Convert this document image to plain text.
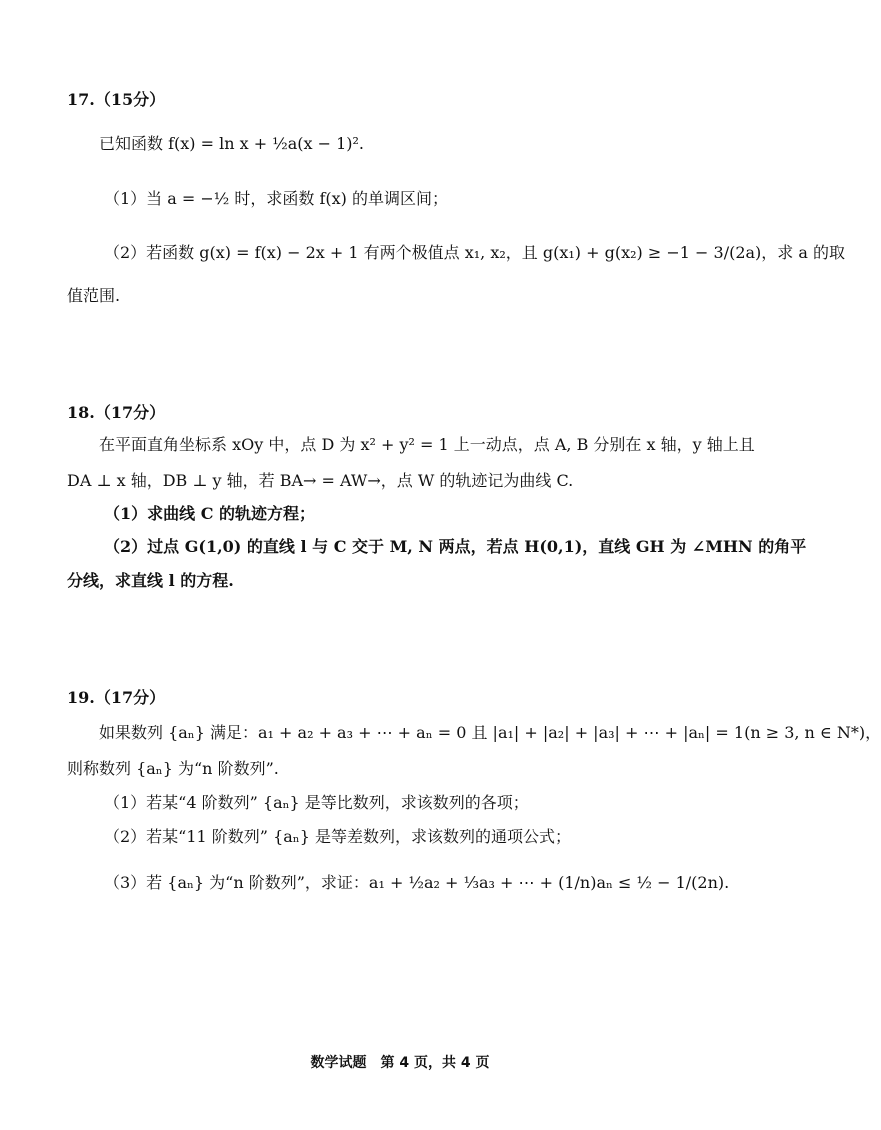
17.（15分）
已知函数 f(x) = ln x + ½a(x − 1)².
（1）当 a = −½ 时，求函数 f(x) 的单调区间；
（2）若函数 g(x) = f(x) − 2x + 1 有两个极值点 x₁, x₂，且 g(x₁) + g(x₂) ≥ −1 − 3/(2a)，求 a 的取
值范围.
18.（17分）
在平面直角坐标系 xOy 中，点 D 为 x² + y² = 1 上一动点，点 A, B 分别在 x 轴，y 轴上且
DA ⊥ x 轴，DB ⊥ y 轴，若 BA→ = AW→，点 W 的轨迹记为曲线 C.
（1）求曲线 C 的轨迹方程；
（2）过点 G(1,0) 的直线 l 与 C 交于 M, N 两点，若点 H(0,1)，直线 GH 为 ∠MHN 的角平
分线，求直线 l 的方程.
19.（17分）
如果数列 {aₙ} 满足：a₁ + a₂ + a₃ + ⋯ + aₙ = 0 且 |a₁| + |a₂| + |a₃| + ⋯ + |aₙ| = 1(n ≥ 3, n ∈ N*)，
则称数列 {aₙ} 为“n 阶数列”.
（1）若某“4 阶数列” {aₙ} 是等比数列，求该数列的各项；
（2）若某“11 阶数列” {aₙ} 是等差数列，求该数列的通项公式；
（3）若 {aₙ} 为“n 阶数列”，求证：a₁ + ½a₂ + ⅓a₃ + ⋯ + (1/n)aₙ ≤ ½ − 1/(2n).
数学试题　第 4 页，共 4 页
